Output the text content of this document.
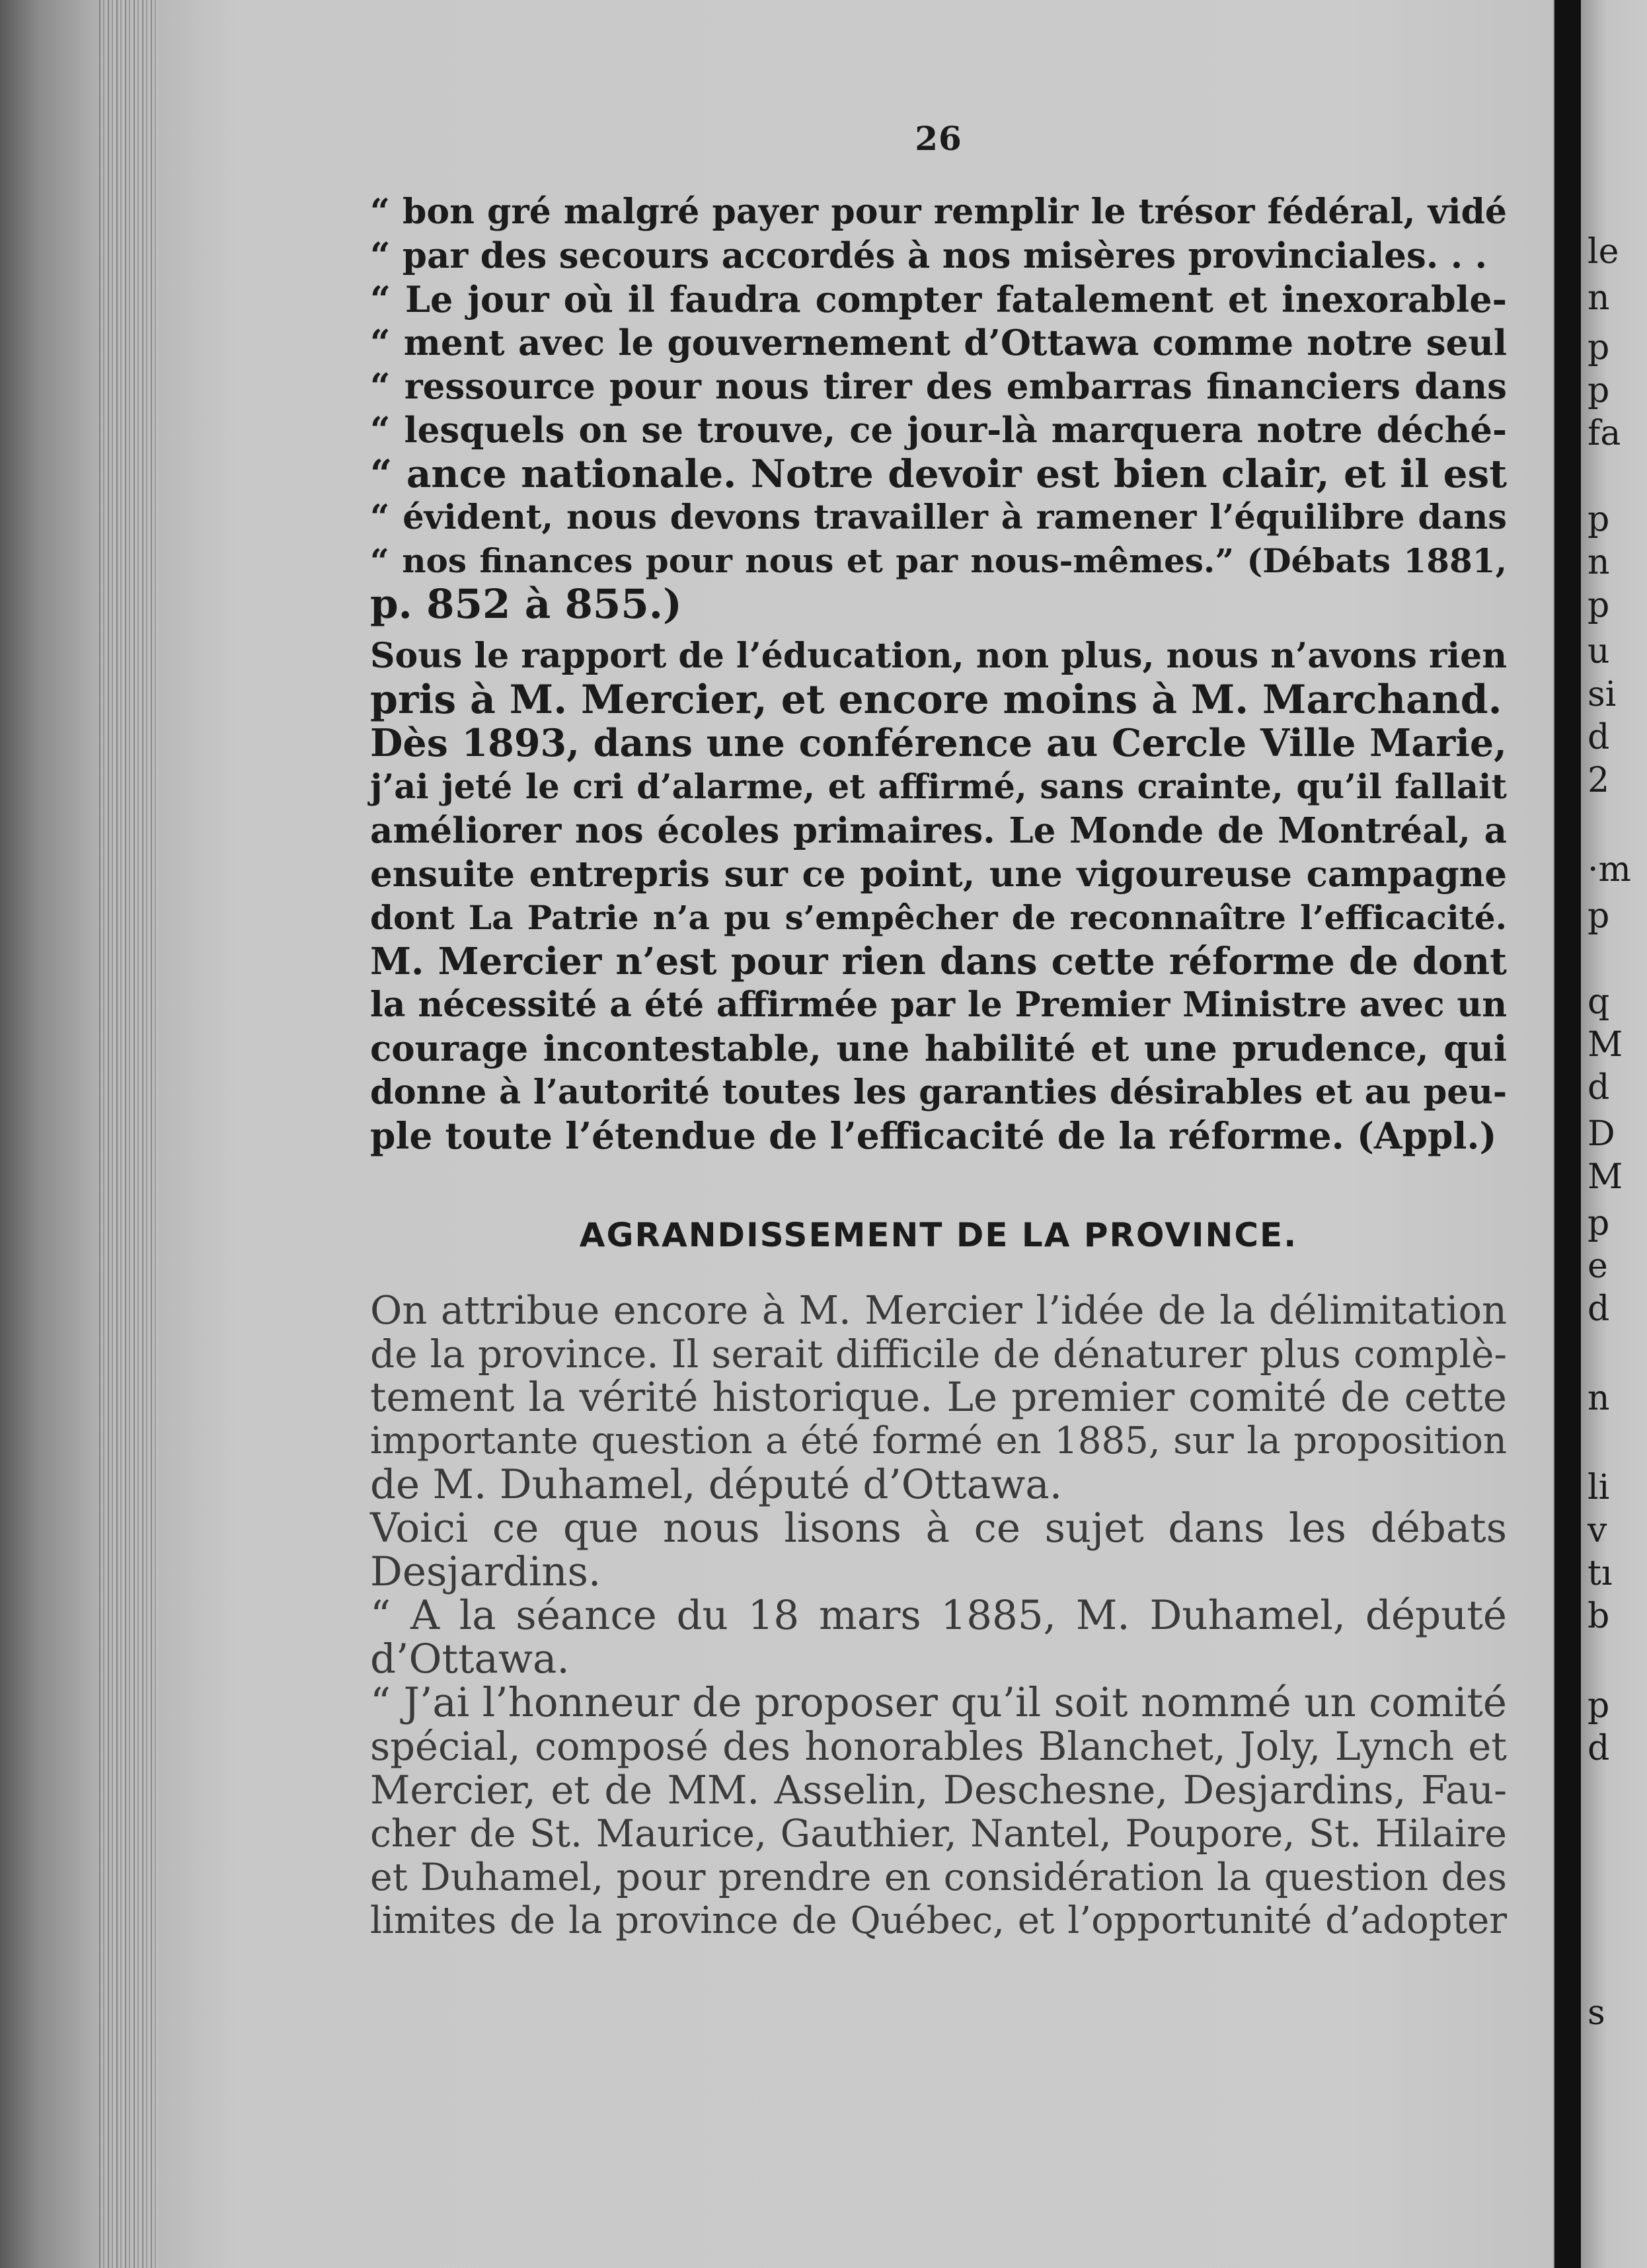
le
n
p
p
fa
p
n
p
u
si
d
2
·m
p
q
M
d
D
M
p
e
d
n
li
v
tı
b
p
d
s
26

“ bon gré malgré payer pour remplir le trésor fédéral, vidé

“ par des secours accordés à nos misères provinciales. . .

“ Le jour où il faudra compter fatalement et inexorable-

“ ment avec le gouvernement d’Ottawa comme notre seul

“ ressource pour nous tirer des embarras financiers dans

“ lesquels on se trouve, ce jour-là marquera notre déché-

“ ance nationale. Notre devoir est bien clair, et il est

“ évident, nous devons travailler à ramener l’équilibre dans

“ nos finances pour nous et par nous-mêmes.” (Débats 1881,

p. 852 à 855.)

Sous le rapport de l’éducation, non plus, nous n’avons rien

pris à M. Mercier, et encore moins à M. Marchand.

Dès 1893, dans une conférence au Cercle Ville Marie,

j’ai jeté le cri d’alarme, et affirmé, sans crainte, qu’il fallait

améliorer nos écoles primaires. Le Monde de Montréal, a

ensuite entrepris sur ce point, une vigoureuse campagne

dont La Patrie n’a pu s’empêcher de reconnaître l’efficacité.

M. Mercier n’est pour rien dans cette réforme de dont

la nécessité a été affirmée par le Premier Ministre avec un

courage incontestable, une habilité et une prudence, qui

donne à l’autorité toutes les garanties désirables et au peu-

ple toute l’étendue de l’efficacité de la réforme. (Appl.)

AGRANDISSEMENT DE LA PROVINCE.

On attribue encore à M. Mercier l’idée de la délimitation

de la province. Il serait difficile de dénaturer plus complè-

tement la vérité historique. Le premier comité de cette

importante question a été formé en 1885, sur la proposition

de M. Duhamel, député d’Ottawa.

Voici ce que nous lisons à ce sujet dans les débats

Desjardins.

“ A la séance du 18 mars 1885, M. Duhamel, député

d’Ottawa.

“ J’ai l’honneur de proposer qu’il soit nommé un comité

spécial, composé des honorables Blanchet, Joly, Lynch et

Mercier, et de MM. Asselin, Deschesne, Desjardins, Fau-

cher de St. Maurice, Gauthier, Nantel, Poupore, St. Hilaire

et Duhamel, pour prendre en considération la question des

limites de la province de Québec, et l’opportunité d’adopter
